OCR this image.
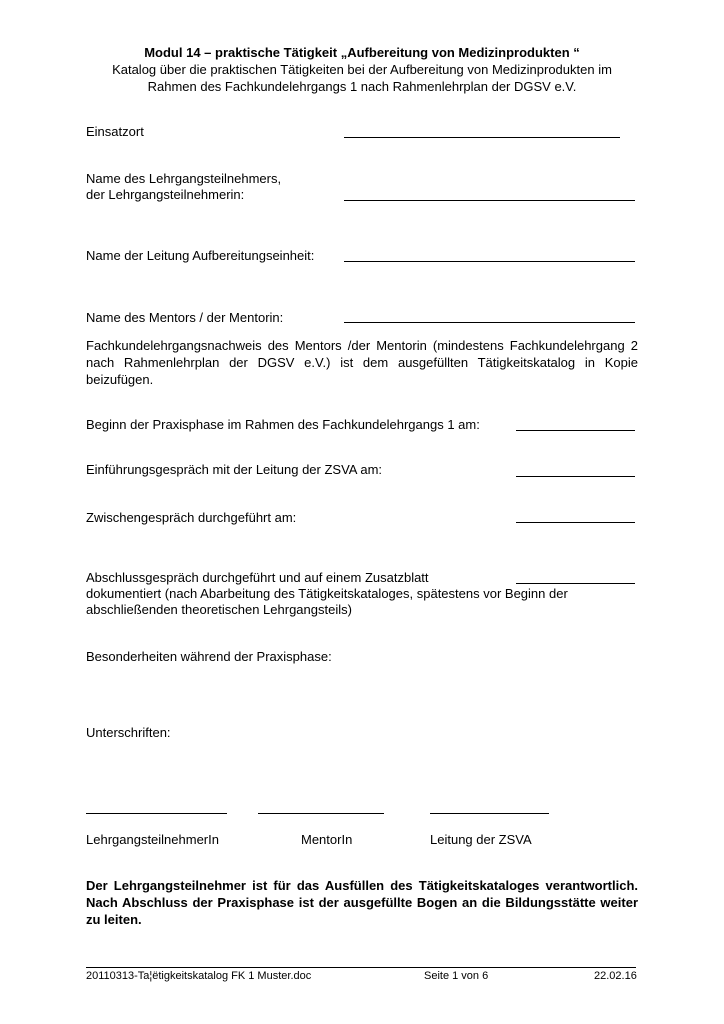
Modul 14 – praktische Tätigkeit „Aufbereitung von Medizinprodukten “
Katalog über die praktischen Tätigkeiten bei der Aufbereitung von Medizinprodukten im
Rahmen des Fachkundelehrgangs 1 nach Rahmenlehrplan der DGSV e.V.
Einsatzort
Name des Lehrgangsteilnehmers,
der Lehrgangsteilnehmerin:
Name der Leitung Aufbereitungseinheit:
Name des Mentors / der Mentorin:
Fachkundelehrgangsnachweis des Mentors /der Mentorin (mindestens Fachkundelehrgang 2 nach Rahmenlehrplan der DGSV e.V.) ist dem ausgefüllten Tätigkeitskatalog in Kopie beizufügen.
Beginn der Praxisphase im Rahmen des Fachkundelehrgangs 1 am:
Einführungsgespräch mit der Leitung der ZSVA am:
Zwischengespräch durchgeführt am:
Abschlussgespräch durchgeführt und auf einem Zusatzblatt
dokumentiert (nach Abarbeitung des Tätigkeitskataloges, spätestens vor Beginn der
abschließenden theoretischen Lehrgangsteils)
Besonderheiten während der Praxisphase:
Unterschriften:
LehrgangsteilnehmerIn	MentorIn	Leitung der ZSVA
Der Lehrgangsteilnehmer ist für das Ausfüllen des Tätigkeitskataloges verantwortlich. Nach Abschluss der Praxisphase ist der ausgefüllte Bogen an die Bildungsstätte weiter zu leiten.
20110313-Ta¦ëtigkeitskatalog FK 1 Muster.doc	Seite 1 von 6	22.02.16
